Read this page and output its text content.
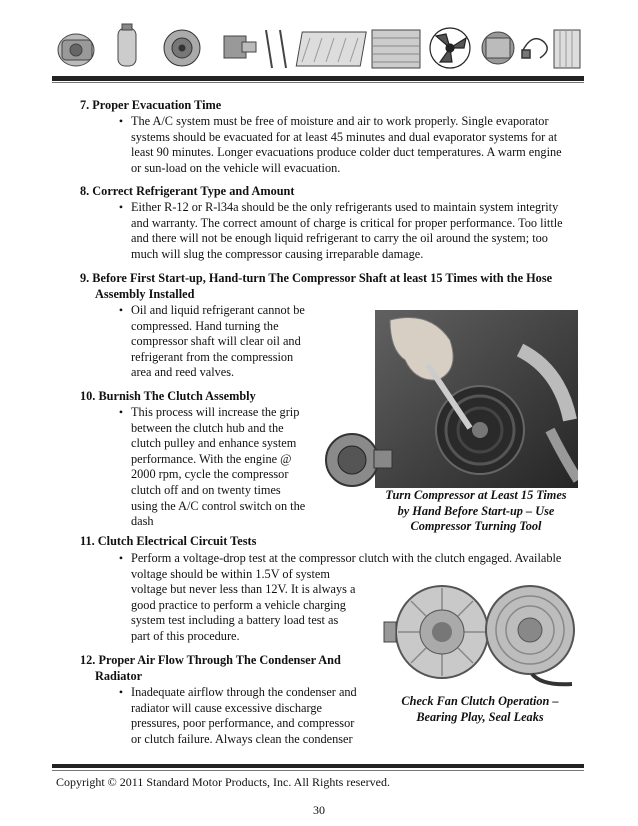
7. Proper Evacuation Time
• The A/C system must be free of moisture and air to work properly. Single evaporator
systems should be evacuated for at least 45 minutes and dual evaporator systems for at
least 90 minutes. Longer evacuations produce colder duct temperatures. A warm engine
or sun-load on the vehicle will evacuation.
8. Correct Refrigerant Type and Amount
• Either R-12 or R-l34a should be the only refrigerants used to maintain system integrity
and warranty. The correct amount of charge is critical for proper performance. Too little
and there will not be enough liquid refrigerant to carry the oil around the system; too
much will slug the compressor causing irreparable damage.
9. Before First Start-up, Hand-turn The Compressor Shaft at least 15 Times with the Hose
Assembly Installed
• Oil and liquid refrigerant cannot be
compressed. Hand turning the
compressor shaft will clear oil and
refrigerant from the compression
area and reed valves.
10. Burnish The Clutch Assembly
• This process will increase the grip
between the clutch hub and the
clutch pulley and enhance system
performance. With the engine @
2000 rpm, cycle the compressor
clutch off and on twenty times
using the A/C control switch on the
dash
Turn Compressor at Least 15 Times
by Hand Before Start-up – Use
Compressor Turning Tool
11. Clutch Electrical Circuit Tests
• Perform a voltage-drop test at the compressor clutch with the clutch engaged. Available
voltage should be within 1.5V of system
voltage but never less than 12V. It is always a
good practice to perform a vehicle charging
system test including a battery load test as
part of this procedure.
12. Proper Air Flow Through The Condenser And
Radiator
• Inadequate airflow through the condenser and
radiator will cause excessive discharge
pressures, poor performance, and compressor
or clutch failure. Always clean the condenser
Check Fan Clutch Operation –
Bearing Play, Seal Leaks
Copyright © 2011 Standard Motor Products, Inc. All Rights reserved.
30
